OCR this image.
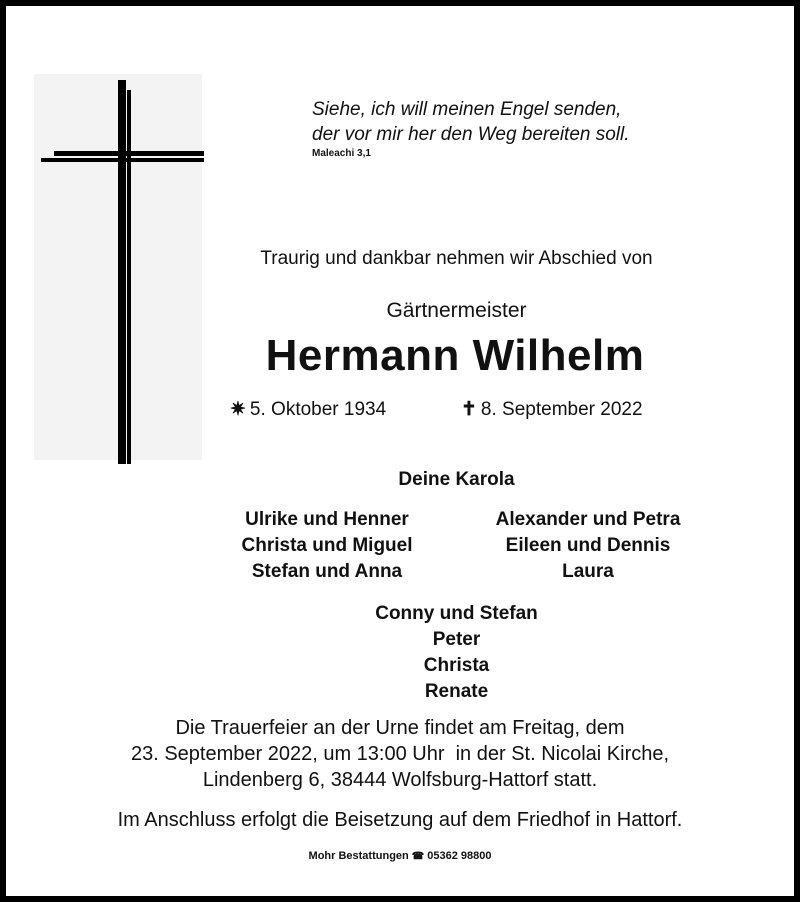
Siehe, ich will meinen Engel senden,
der vor mir her den Weg bereiten soll.
Maleachi 3,1
Traurig und dankbar nehmen wir Abschied von
Gärtnermeister
Hermann Wilhelm
✷ 5. Oktober 1934	✝ 8. September 2022
Deine Karola
Ulrike und Henner
Christa und Miguel
Stefan und Anna
Alexander und Petra
Eileen und Dennis
Laura
Conny und Stefan
Peter
Christa
Renate
Die Trauerfeier an der Urne findet am Freitag, dem
23. September 2022, um 13:00 Uhr  in der St. Nicolai Kirche,
Lindenberg 6, 38444 Wolfsburg-Hattorf statt.
Im Anschluss erfolgt die Beisetzung auf dem Friedhof in Hattorf.
Mohr Bestattungen ☎ 05362 98800
